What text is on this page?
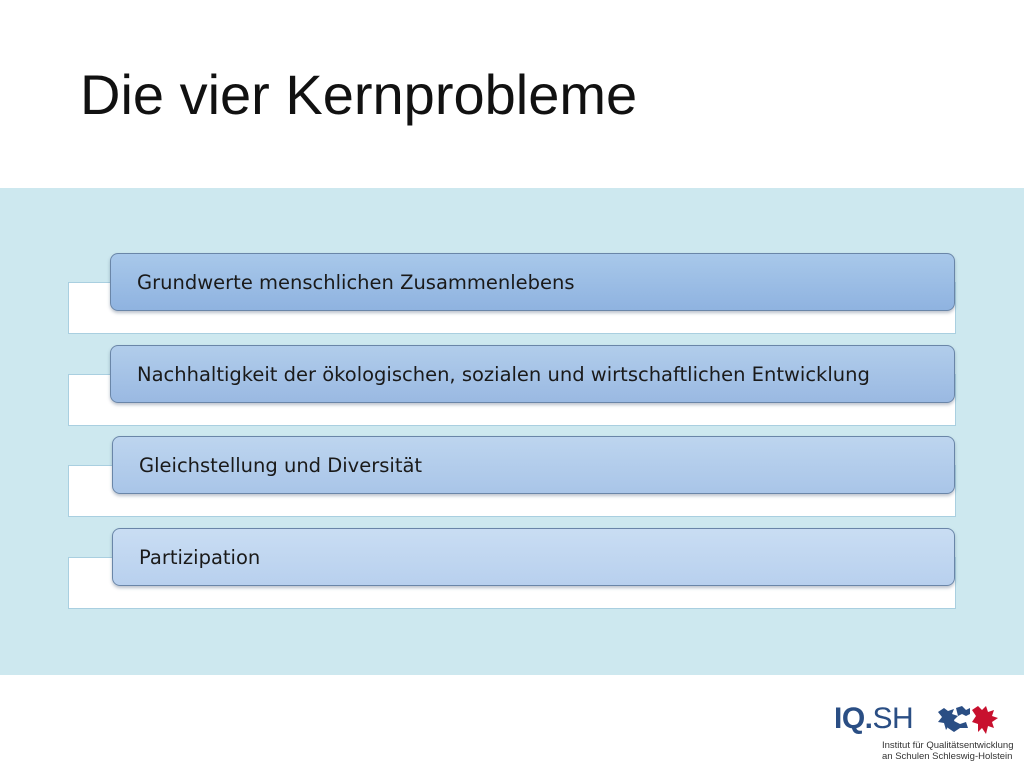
Die vier Kernprobleme
Grundwerte menschlichen Zusammenlebens
Nachhaltigkeit der ökologischen, sozialen und wirtschaftlichen Entwicklung
Gleichstellung und Diversität
Partizipation
IQ.SH
Institut für Qualitätsentwicklung
an Schulen Schleswig-Holstein
